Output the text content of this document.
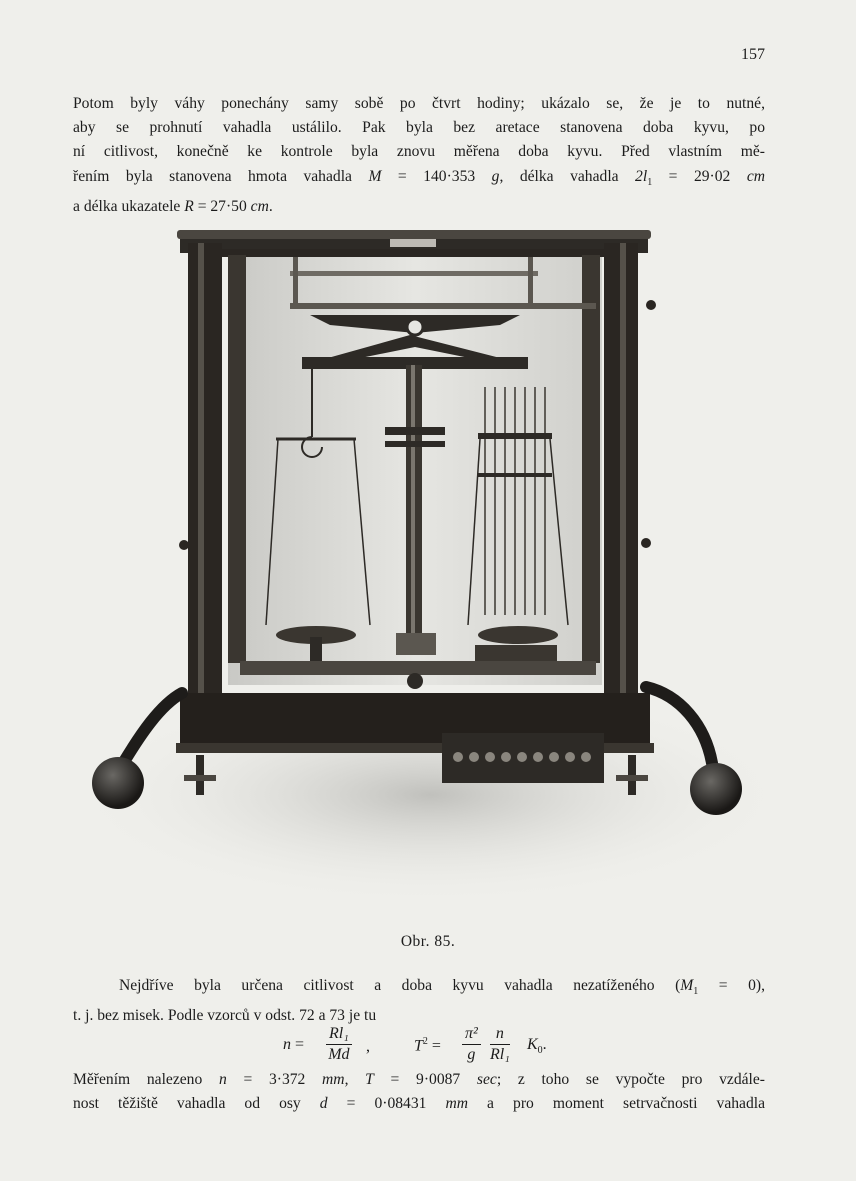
157
Potom byly váhy ponechány samy sobě po čtvrt hodiny; ukázalo se, že je to nutné,
aby se prohnutí vahadla ustálilo. Pak byla bez aretace stanovena doba kyvu, po
ní citlivost, konečně ke kontrole byla znovu měřena doba kyvu. Před vlastním mě-
řením byla stanovena hmota vahadla M = 140·353 g, délka vahadla $2l_1 = 29\cdot 02$ cm
a délka ukazatele R = 27·50 cm.
Obr. 85.
Nejdříve byla určena citlivost a doba kyvu vahadla nezatíženého $(M_1 = 0)$,
t. j. bez misek. Podle vzorců v odst. 72 a 73 je tu
$n = \frac{\text{Rl₁}}{Md}$ ,	$T^2 = \frac{\text{π²}}{g} \frac{n}{\text{Rl₁}} K_0$.
Měřením nalezeno n = 3·372 mm, T = 9·0087 sec; z toho se vypočte pro vzdále-
nost těžiště vahadla od osy d = 0·08431 mm a pro moment setrvačnosti vahadla
